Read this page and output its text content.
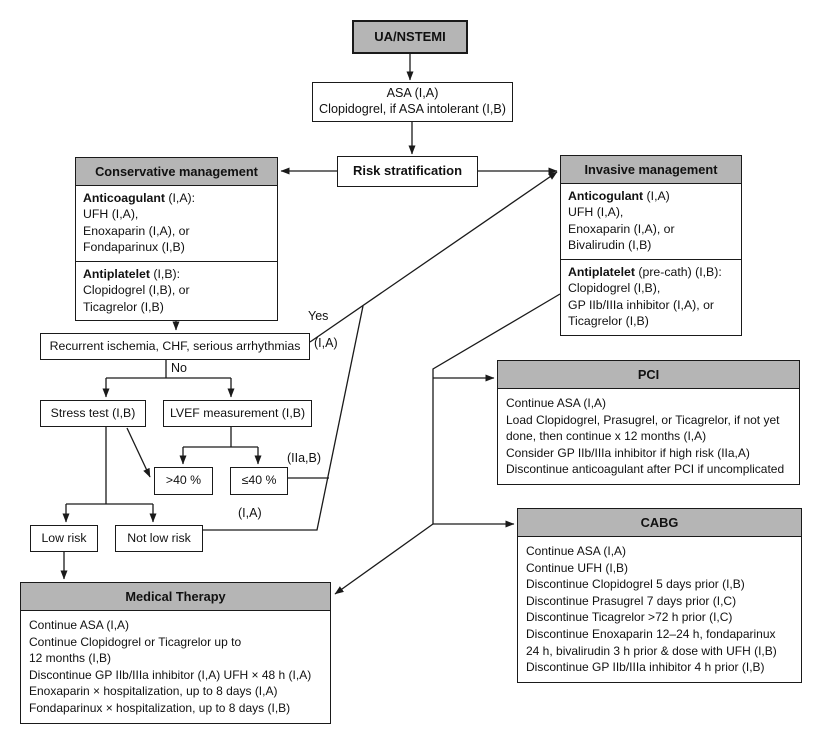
UA/NSTEMI
ASA (I,A)
Clopidogrel, if ASA intolerant (I,B)
Risk stratification
Conservative management
Anticoagulant (I,A):
UFH (I,A),
Enoxaparin (I,A), or
Fondaparinux (I,B)
Antiplatelet (I,B):
Clopidogrel (I,B), or
Ticagrelor (I,B)
Invasive management
Anticogulant (I,A)
UFH (I,A),
Enoxaparin (I,A), or
Bivalirudin (I,B)
Antiplatelet (pre-cath) (I,B):
Clopidogrel (I,B),
GP IIb/IIIa inhibitor (I,A), or
Ticagrelor (I,B)
Recurrent ischemia, CHF, serious arrhythmias
Stress test (I,B)	LVEF measurement (I,B)
>40 %	≤40 %
Low risk	Not low risk
Medical Therapy
Continue ASA (I,A)
Continue Clopidogrel or Ticagrelor up to
12 months (I,B)
Discontinue GP IIb/IIIa inhibitor (I,A) UFH × 48 h (I,A)
Enoxaparin × hospitalization, up to 8 days (I,A)
Fondaparinux × hospitalization, up to 8 days (I,B)
PCI
Continue ASA (I,A)
Load Clopidogrel, Prasugrel, or Ticagrelor, if not yet
done, then continue x 12 months (I,A)
Consider GP IIb/IIIa inhibitor if high risk (IIa,A)
Discontinue anticoagulant after PCI if uncomplicated
CABG
Continue ASA (I,A)
Continue UFH (I,B)
Discontinue Clopidogrel 5 days prior (I,B)
Discontinue Prasugrel 7 days prior (I,C)
Discontinue Ticagrelor >72 h prior (I,C)
Discontinue Enoxaparin 12–24 h, fondaparinux
24 h, bivalirudin 3 h prior & dose with UFH (I,B)
Discontinue GP IIb/IIIa inhibitor 4 h prior (I,B)
Yes
(I,A)
No
(IIa,B)
(I,A)
